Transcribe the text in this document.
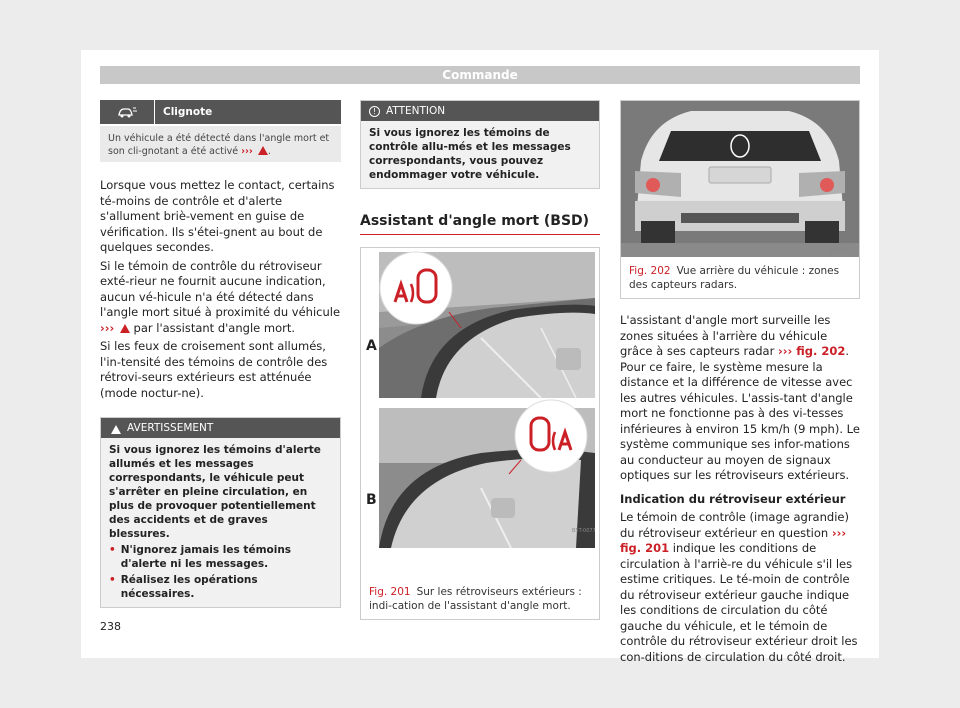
Commande
Clignote
Un véhicule a été détecté dans l'angle mort et son cli-gnotant a été activé ››› .

Lorsque vous mettez le contact, certains té-moins de contrôle et d'alerte s'allument briè-vement en guise de vérification. Ils s'étei-gnent au bout de quelques secondes.

Si le témoin de contrôle du rétroviseur exté-rieur ne fournit aucune indication, aucun vé-hicule n'a été détecté dans l'angle mort situé à proximité du véhicule ››› par l'assistant d'angle mort.

Si les feux de croisement sont allumés, l'in-tensité des témoins de contrôle des rétrovi-seurs extérieurs est atténuée (mode noctur-ne).

AVERTISSEMENT
Si vous ignorez les témoins d'alerte allumés et les messages correspondants, le véhicule peut s'arrêter en pleine circulation, en plus de provoquer potentiellement des accidents et de graves blessures.
• N'ignorez jamais les témoins d'alerte ni les messages.
• Réalisez les opérations nécessaires.
! ATTENTION
Si vous ignorez les témoins de contrôle allu-més et les messages correspondants, vous pouvez endommager votre véhicule.
Assistant d'angle mort (BSD)
A
B
B5T-0077
Fig. 201 Sur les rétroviseurs extérieurs : indi-cation de l'assistant d'angle mort.
B6F-0027
Fig. 202 Vue arrière du véhicule : zones des capteurs radars.

L'assistant d'angle mort surveille les zones situées à l'arrière du véhicule grâce à ses capteurs radar ››› fig. 202. Pour ce faire, le système mesure la distance et la différence de vitesse avec les autres véhicules. L'assis-tant d'angle mort ne fonctionne pas à des vi-tesses inférieures à environ 15 km/h (9 mph). Le système communique ses infor-mations au conducteur au moyen de signaux optiques sur les rétroviseurs extérieurs.

Indication du rétroviseur extérieur

Le témoin de contrôle (image agrandie) du rétroviseur extérieur en question ››› fig. 201 indique les conditions de circulation à l'arriè-re du véhicule s'il les estime critiques. Le té-moin de contrôle du rétroviseur extérieur gauche indique les conditions de circulation du côté gauche du véhicule, et le témoin de contrôle du rétroviseur extérieur droit les con-ditions de circulation du côté droit.

238
